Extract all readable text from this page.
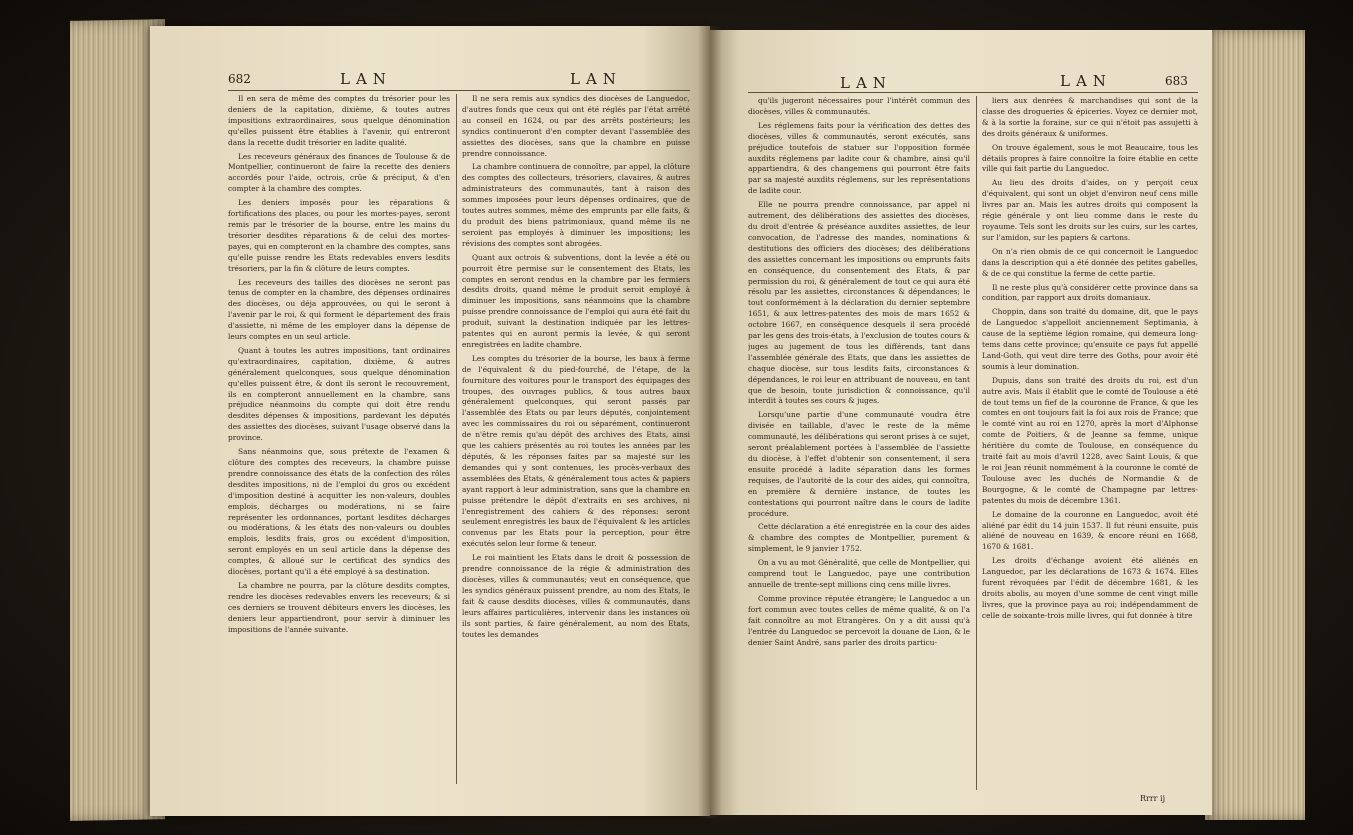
682	LAN	LAN

Il en sera de même des comptes du trésorier pour les deniers de la capitation, dixième, & toutes autres impositions extraordinaires, sous quelque dénomination qu'elles puissent être établies à l'avenir, qui entreront dans la recette dudit trésorier en ladite qualité.

Les receveurs généraux des finances de Toulouse & de Montpellier, continueront de faire la recette des deniers accordés pour l'aide, octrois, crûe & préciput, & d'en compter à la chambre des comptes.

Les deniers imposés pour les réparations & fortifications des places, ou pour les mortes-payes, seront remis par le trésorier de la bourse, entre les mains du trésorier desdites réparations & de celui des mortes-payes, qui en compteront en la chambre des comptes, sans qu'elle puisse rendre les Etats redevables envers lesdits trésoriers, par la fin & clôture de leurs comptes.

Les receveurs des tailles des diocèses ne seront pas tenus de compter en la chambre, des dépenses ordinaires des diocèses, ou déja approuvées, ou qui le seront à l'avenir par le roi, & qui forment le département des frais d'assiette, ni même de les employer dans la dépense de leurs comptes en un seul article.

Quant à toutes les autres impositions, tant ordinaires qu'extraordinaires, capitation, dixième, & autres généralement quelconques, sous quelque dénomination qu'elles puissent être, & dont ils seront le recouvrement, ils en compteront annuellement en la chambre, sans préjudice néanmoins du compte qui doit être rendu desdites dépenses & impositions, pardevant les députés des assiettes des diocèses, suivant l'usage observé dans la province.

Sans néanmoins que, sous prétexte de l'examen & clôture des comptes des receveurs, la chambre puisse prendre connoissance des états de la confection des rôles desdites impositions, ni de l'emploi du gros ou excédent d'imposition destiné à acquitter les non-valeurs, doubles emplois, décharges ou modérations, ni se faire représenter les ordonnances, portant lesdites décharges ou modérations, & les états des non-valeurs ou doubles emplois, lesdits frais, gros ou excédent d'imposition, seront employés en un seul article dans la dépense des comptes, & alloué sur le certificat des syndics des diocèses, portant qu'il a été employé à sa destination.

La chambre ne pourra, par la clôture desdits comptes, rendre les diocèses redevables envers les receveurs; & si ces derniers se trouvent débiteurs envers les diocèses, les deniers leur appartiendront, pour servir à diminuer les impositions de l'année suivante.

Il ne sera remis aux syndics des diocèses de Languedoc, d'autres fonds que ceux qui ont été réglés par l'état arrêté au conseil en 1624, ou par des arrêts postérieurs; les syndics continueront d'en compter devant l'assemblée des assiettes des diocèses, sans que la chambre en puisse prendre connoissance.

La chambre continuera de connoître, par appel, la clôture des comptes des collecteurs, trésoriers, clavaires, & autres administrateurs des communautés, tant à raison des sommes imposées pour leurs dépenses ordinaires, que de toutes autres sommes, même des emprunts par elle faits, & du produit des biens patrimoniaux, quand même ils ne seroient pas employés à diminuer les impositions; les révisions des comptes sont abrogées.

Quant aux octrois & subventions, dont la levée a été ou pourroit être permise sur le consentement des Etats, les comptes en seront rendus en la chambre par les fermiers desdits droits, quand même le produit seroit employé à diminuer les impositions, sans néanmoins que la chambre puisse prendre connoissance de l'emploi qui aura été fait du produit, suivant la destination indiquée par les lettres-patentes qui en auront permis la levée, & qui seront enregistrées en ladite chambre.

Les comptes du trésorier de la bourse, les baux à ferme de l'équivalent & du pied-fourché, de l'étape, de la fourniture des voitures pour le transport des équipages des troupes, des ouvrages publics, & tous autres baux généralement quelconques, qui seront passés par l'assemblée des Etats ou par leurs députés, conjointement avec les commissaires du roi ou séparément, continueront de n'être remis qu'au dépôt des archives des Etats, ainsi que les cahiers présentés au roi toutes les années par les députés, & les réponses faites par sa majesté sur les demandes qui y sont contenues, les procès-verbaux des assemblées des Etats, & généralement tous actes & papiers ayant rapport à leur administration, sans que la chambre en puisse prétendre le dépôt d'extraits en ses archives, ni l'enregistrement des cahiers & des réponses: seront seulement enregistrés les baux de l'équivalent & les articles convenus par les Etats pour la perception, pour être exécutés selon leur forme & teneur.

Le roi maintient les Etats dans le droit & possession de prendre connoissance de la régie & administration des diocèses, villes & communautés; veut en conséquence, que les syndics généraux puissent prendre, au nom des Etats, le fait & cause desdits diocèses, villes & communautés, dans leurs affaires particulières, intervenir dans les instances où ils sont parties, & faire généralement, au nom des Etats, toutes les demandes

LAN	LAN	683

qu'ils jugeront nécessaires pour l'intérêt commun des diocèses, villes & communautés.

Les réglemens faits pour la vérification des dettes des diocèses, villes & communautés, seront exécutés, sans préjudice toutefois de statuer sur l'opposition formée auxdits réglemens par ladite cour & chambre, ainsi qu'il appartiendra, & des changemens qui pourront être faits par sa majesté auxdits réglemens, sur les représentations de ladite cour.

Elle ne pourra prendre connoissance, par appel ni autrement, des délibérations des assiettes des diocèses, du droit d'entrée & préséance auxdites assiettes, de leur convocation, de l'adresse des mandes, nominations & destitutions des officiers des diocèses; des délibérations des assiettes concernant les impositions ou emprunts faits en conséquence, du consentement des Etats, & par permission du roi, & généralement de tout ce qui aura été résolu par les assiettes, circonstances & dépendances; le tout conformément à la déclaration du dernier septembre 1651, & aux lettres-patentes des mois de mars 1652 & octobre 1667, en conséquence desquels il sera procédé par les gens des trois-états, à l'exclusion de toutes cours & juges au jugement de tous les différends, tant dans l'assemblée générale des Etats, que dans les assiettes de chaque diocèse, sur tous lesdits faits, circonstances & dépendances, le roi leur en attribuant de nouveau, en tant que de besoin, toute jurisdiction & connoissance, qu'il interdit à toutes ses cours & juges.

Lorsqu'une partie d'une communauté voudra être divisée en taillable, d'avec le reste de la même communauté, les délibérations qui seront prises à ce sujet, seront préalablement portées à l'assemblée de l'assiette du diocèse, à l'effet d'obtenir son consentement, il sera ensuite procédé à ladite séparation dans les formes requises, de l'autorité de la cour des aides, qui connoîtra, en première & dernière instance, de toutes les contestations qui pourront naître dans le cours de ladite procédure.

Cette déclaration a été enregistrée en la cour des aides & chambre des comptes de Montpellier, purement & simplement, le 9 janvier 1752.

On a vu au mot Généralité, que celle de Montpellier, qui comprend tout le Languedoc, paye une contribution annuelle de trente-sept millions cinq cens mille livres.

Comme province réputée étrangère; le Languedoc a un fort commun avec toutes celles de même qualité, & on l'a fait connoître au mot Etrangères. On y a dit aussi qu'à l'entrée du Languedoc se percevoit la douane de Lion, & le denier Saint André, sans parler des droits particu-

liers aux denrées & marchandises qui sont de la classe des drogueries & épiceries. Voyez ce dernier mot, & à la sortie la foraine, sur ce qui n'étoit pas assujetti à des droits généraux & uniformes.

On trouve également, sous le mot Beaucaire, tous les détails propres à faire connoître la foire établie en cette ville qui fait partie du Languedoc.

Au lieu des droits d'aides, on y perçoit ceux d'équivalent, qui sont un objet d'environ neuf cens mille livres par an. Mais les autres droits qui composent la régie générale y ont lieu comme dans le reste du royaume. Tels sont les droits sur les cuirs, sur les cartes, sur l'amidon, sur les papiers & cartons.

On n'a rien obmis de ce qui concernoit le Languedoc dans la description qui a été donnée des petites gabelles, & de ce qui constitue la ferme de cette partie.

Il ne reste plus qu'à considérer cette province dans sa condition, par rapport aux droits domaniaux.

Choppin, dans son traité du domaine, dit, que le pays de Languedoc s'appelloit anciennement Septimania, à cause de la septième légion romaine, qui demeura long-tems dans cette province; qu'ensuite ce pays fut appellé Land-Goth, qui veut dire terre des Goths, pour avoir été soumis à leur domination.

Dupuis, dans son traité des droits du roi, est d'un autre avis. Mais il établit que le comté de Toulouse a été de tout tems un fief de la couronne de France, & que les comtes en ont toujours fait la foi aux rois de France; que le comté vint au roi en 1270, après la mort d'Alphonse comte de Poitiers, & de Jeanne sa femme, unique héritière du comte de Toulouse, en conséquence du traité fait au mois d'avril 1228, avec Saint Louis, & que le roi Jean réunit nommément à la couronne le comté de Toulouse avec les duchés de Normandie & de Bourgogne, & le comté de Champagne par lettres-patentes du mois de décembre 1361.

Le domaine de la couronne en Languedoc, avoit été aliéné par édit du 14 juin 1537. Il fut réuni ensuite, puis aliéné de nouveau en 1639, & encore réuni en 1668, 1670 & 1681.

Les droits d'échange avoient été aliénés en Languedoc, par les déclarations de 1673 & 1674. Elles furent révoquées par l'édit de décembre 1681, & les droits abolis, au moyen d'une somme de cent vingt mille livres, que la province paya au roi; indépendamment de celle de soixante-trois mille livres, qui fut donnée à titre

Rrrr ij
